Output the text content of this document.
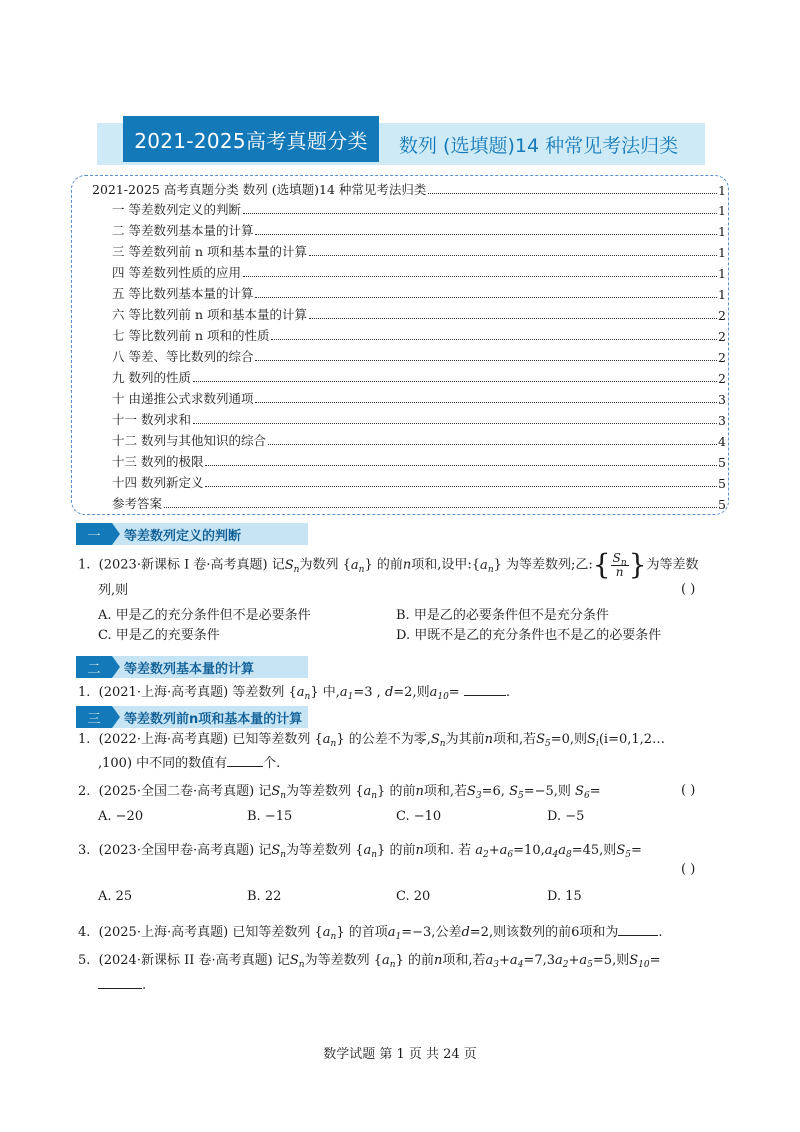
2021-2025高考真题分类	数列 (选填题)14 种常见考法归类
2021-2025 高考真题分类 数列 (选填题)14 种常见考法归类	1
一 等差数列定义的判断	1
二 等差数列基本量的计算	1
三 等差数列前 n 项和基本量的计算	1
四 等差数列性质的应用	1
五 等比数列基本量的计算	1
六 等比数列前 n 项和基本量的计算	2
七 等比数列前 n 项和的性质	2
八 等差、等比数列的综合	2
九 数列的性质	2
十 由递推公式求数列通项	3
十一 数列求和	3
十二 数列与其他知识的综合	4
十三 数列的极限	5
十四 数列新定义	5
参考答案	5
一	等差数列定义的判断
1. (2023·新课标 I 卷·高考真题) 记$S_n$为数列 $\{a_n\}$ 的前n项和,设甲$:\{a_n\}$ 为等差数列;乙:{ $\frac{S_n}{n}$ }为等差数
列,则	( )
A. 甲是乙的充分条件但不是必要条件	B. 甲是乙的必要条件但不是充分条件
C. 甲是乙的充要条件	D. 甲既不是乙的充分条件也不是乙的必要条件
二	等差数列基本量的计算
1. (2021·上海·高考真题) 等差数列 $\{a_n\}$ 中$,a_1=3$ , d=2,则$a_{10}=$	.
三	等差数列前n项和基本量的计算
1. (2022·上海·高考真题) 已知等差数列 $\{a_n\}$ 的公差不为零$,S_n$为其前n项和,若$S_5=0$,则$S_i(i=0,1,2\dots$
,100) 中不同的数值有	个.
2. (2025·全国二卷·高考真题) 记$S_n$为等差数列 $\{a_n\}$ 的前n项和,若$S_3=6$, $S_5=-5$,则 $S_6=$	( )
A. −20	B. −15	C. −10	D. −5
3. (2023·全国甲卷·高考真题) 记$S_n$为等差数列 $\{a_n\}$ 的前n项和. 若 $a_2+a_6=10,a_4a_8=45$,则$S_5=$
( )
A. 25	B. 22	C. 20	D. 15
4. (2025·上海·高考真题) 已知等差数列 $\{a_n\}$ 的首项$a_1=-3$,公差d=2,则该数列的前6项和为	.
5. (2024·新课标 II 卷·高考真题) 记$S_n$为等差数列 $\{a_n\}$ 的前n项和,若$a_3+a_4=7,3a_2+a_5=5$,则$S_{10}=$
.
数学试题 第 1 页 共 24 页
